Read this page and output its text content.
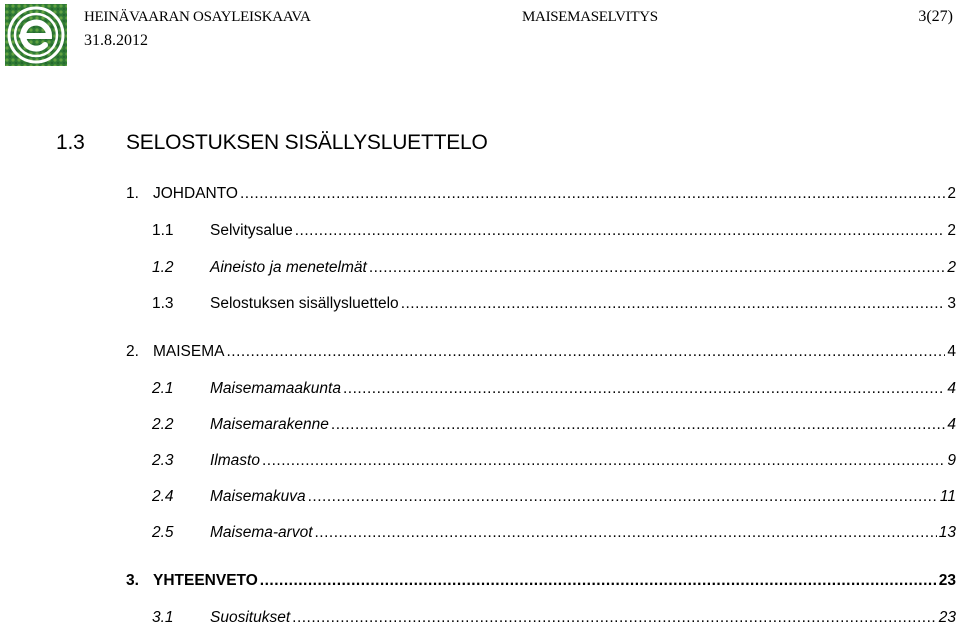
HEINÄVAARAN OSAYLEISKAAVA
31.8.2012
MAISEMASELVITYS	3(27)
1.3 SELOSTUKSEN SISÄLLYSLUETTELO
1. JOHDANTO .....	2
1.1 Selvitysalue .....	2
1.2 Aineisto ja menetelmät .....	2
1.3 Selostuksen sisällysluettelo .....	3
2. MAISEMA .....	4
2.1 Maisemamaakunta .....	4
2.2 Maisemarakenne .....	4
2.3 Ilmasto .....	9
2.4 Maisemakuva .....	11
2.5 Maisema-arvot .....	13
3. YHTEENVETO .....	23
3.1 Suositukset .....	23
